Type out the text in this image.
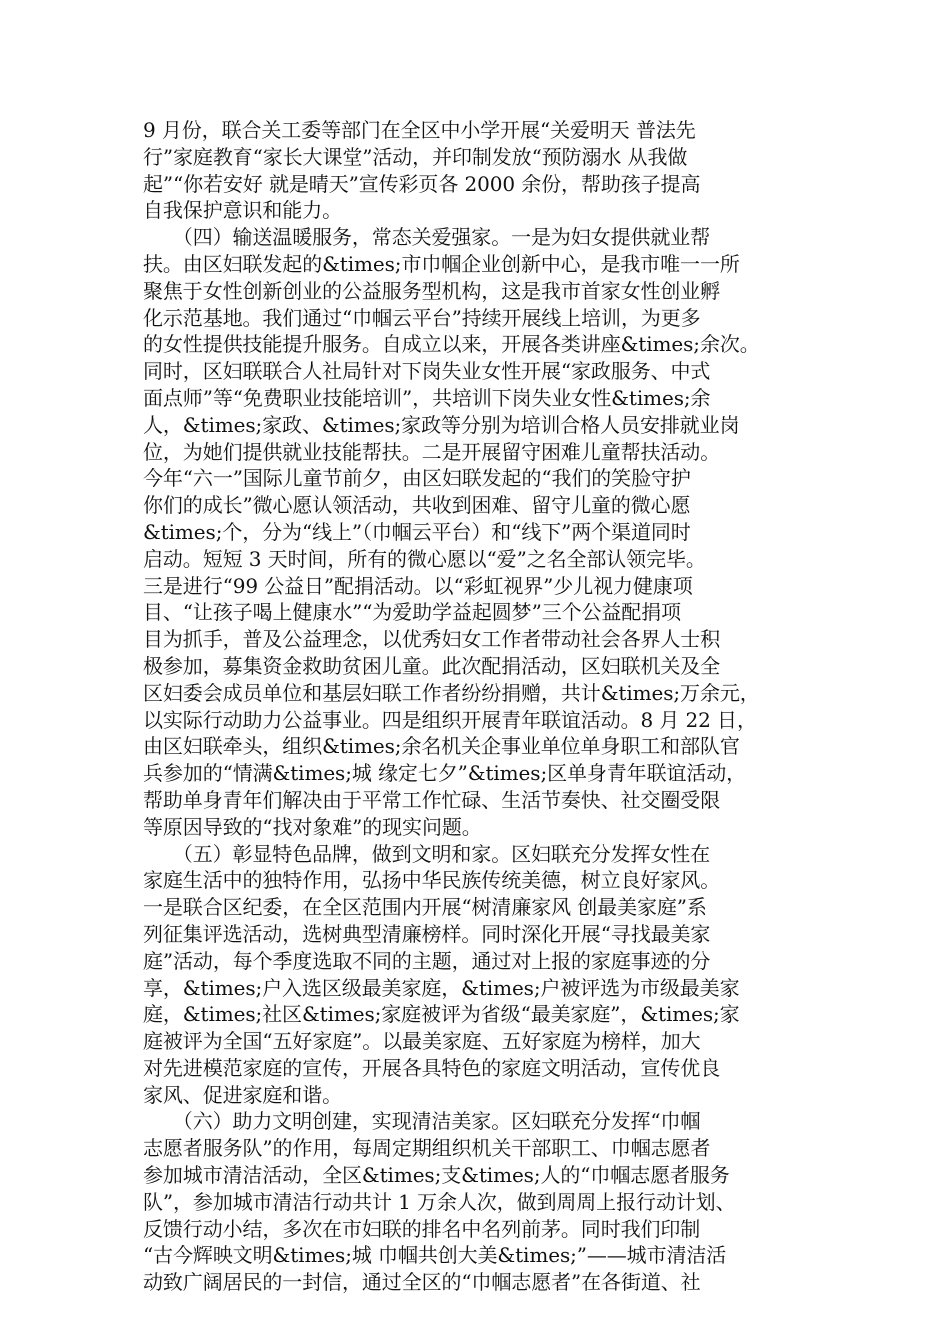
9 月份，联合关工委等部门在全区中小学开展“关爱明天 普法先
行”家庭教育“家长大课堂”活动，并印制发放“预防溺水 从我做
起”“你若安好 就是晴天”宣传彩页各 2000 余份，帮助孩子提高
自我保护意识和能力。
　　（四）输送温暖服务，常态关爱强家。一是为妇女提供就业帮
扶。由区妇联发起的&times;市巾帼企业创新中心，是我市唯一一所
聚焦于女性创新创业的公益服务型机构，这是我市首家女性创业孵
化示范基地。我们通过“巾帼云平台”持续开展线上培训，为更多
的女性提供技能提升服务。自成立以来，开展各类讲座&times;余次。
同时，区妇联联合人社局针对下岗失业女性开展“家政服务、中式
面点师”等“免费职业技能培训”，共培训下岗失业女性&times;余
人，&times;家政、&times;家政等分别为培训合格人员安排就业岗
位，为她们提供就业技能帮扶。二是开展留守困难儿童帮扶活动。
今年“六一”国际儿童节前夕，由区妇联发起的“我们的笑脸守护
你们的成长”微心愿认领活动，共收到困难、留守儿童的微心愿
&times;个，分为“线上”（巾帼云平台）和“线下”两个渠道同时
启动。短短 3 天时间，所有的微心愿以“爱”之名全部认领完毕。
三是进行“99 公益日”配捐活动。以“彩虹视界”少儿视力健康项
目、“让孩子喝上健康水”“为爱助学益起圆梦”三个公益配捐项
目为抓手，普及公益理念，以优秀妇女工作者带动社会各界人士积
极参加，募集资金救助贫困儿童。此次配捐活动，区妇联机关及全
区妇委会成员单位和基层妇联工作者纷纷捐赠，共计&times;万余元，
以实际行动助力公益事业。四是组织开展青年联谊活动。8 月 22 日，
由区妇联牵头，组织&times;余名机关企事业单位单身职工和部队官
兵参加的“情满&times;城 缘定七夕”&times;区单身青年联谊活动，
帮助单身青年们解决由于平常工作忙碌、生活节奏快、社交圈受限
等原因导致的“找对象难”的现实问题。
　　（五）彰显特色品牌，做到文明和家。区妇联充分发挥女性在
家庭生活中的独特作用，弘扬中华民族传统美德，树立良好家风。
一是联合区纪委，在全区范围内开展“树清廉家风 创最美家庭”系
列征集评选活动，选树典型清廉榜样。同时深化开展“寻找最美家
庭”活动，每个季度选取不同的主题，通过对上报的家庭事迹的分
享，&times;户入选区级最美家庭，&times;户被评选为市级最美家
庭，&times;社区&times;家庭被评为省级“最美家庭”，&times;家
庭被评为全国“五好家庭”。以最美家庭、五好家庭为榜样，加大
对先进模范家庭的宣传，开展各具特色的家庭文明活动，宣传优良
家风、促进家庭和谐。
　　（六）助力文明创建，实现清洁美家。区妇联充分发挥“巾帼
志愿者服务队”的作用，每周定期组织机关干部职工、巾帼志愿者
参加城市清洁活动，全区&times;支&times;人的“巾帼志愿者服务
队”，参加城市清洁行动共计 1 万余人次，做到周周上报行动计划、
反馈行动小结，多次在市妇联的排名中名列前茅。同时我们印制
“古今辉映文明&times;城 巾帼共创大美&times;”——城市清洁活
动致广阔居民的一封信，通过全区的“巾帼志愿者”在各街道、社
